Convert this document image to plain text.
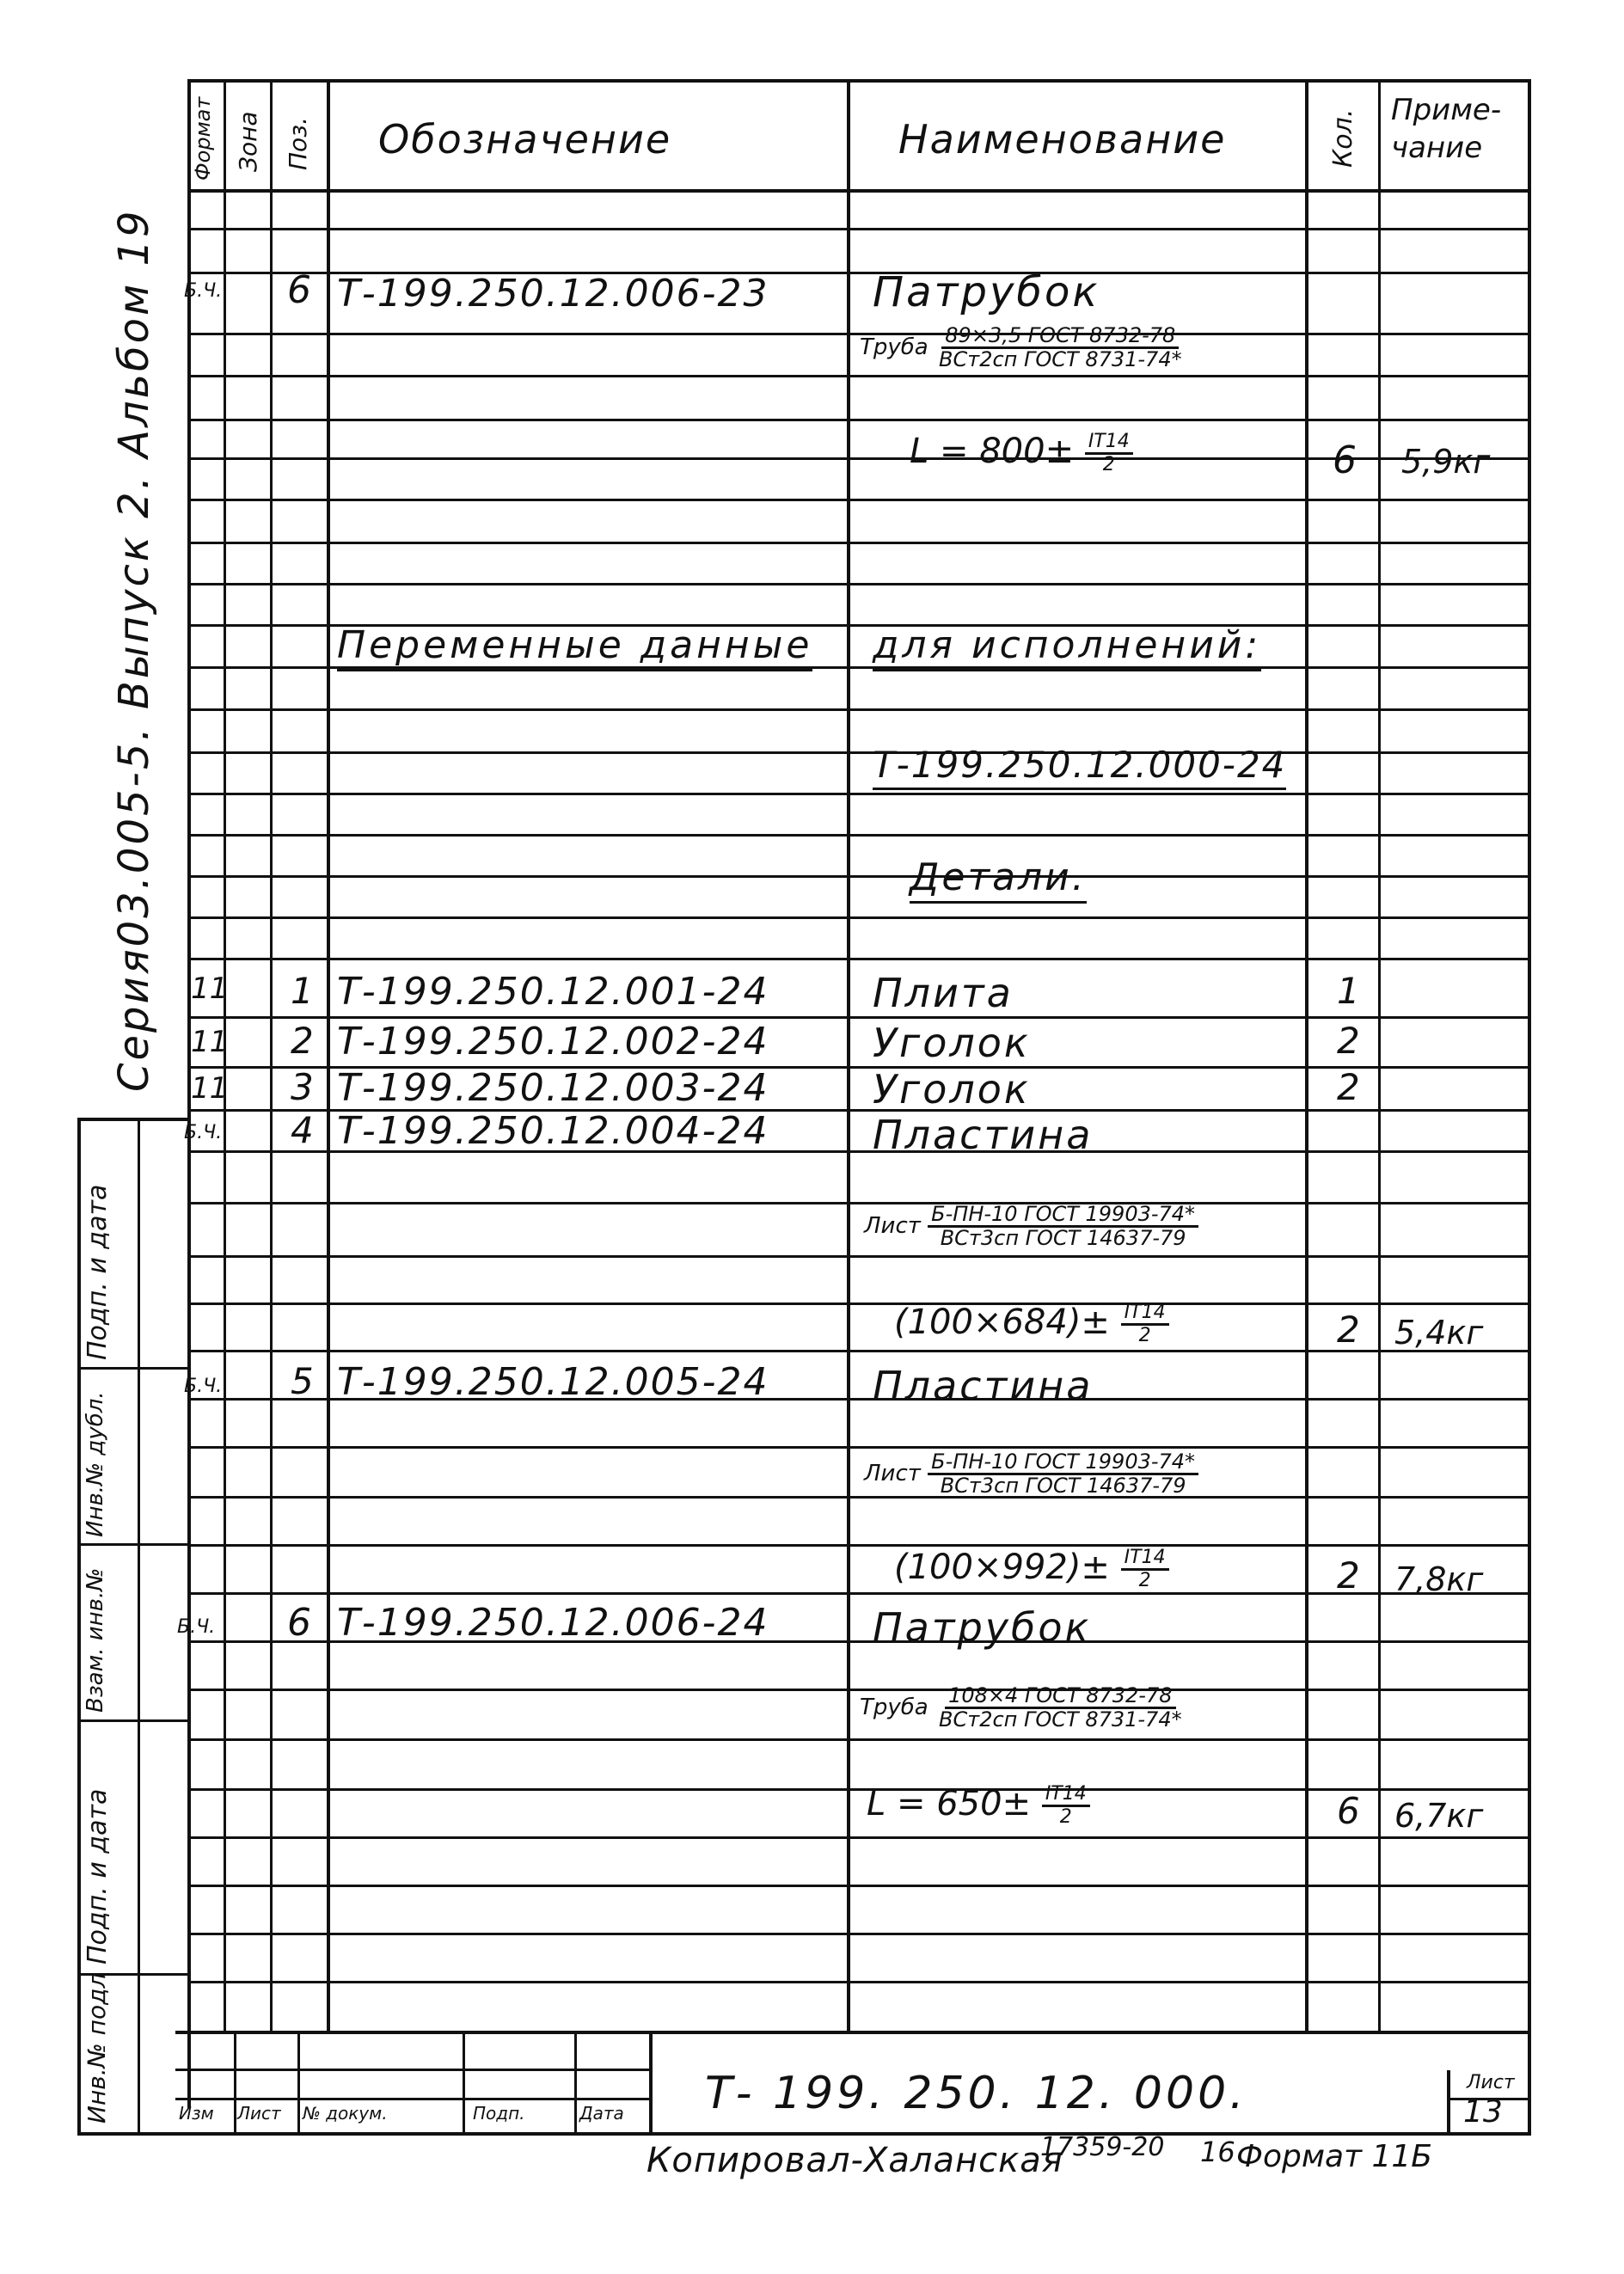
Формат Зона Поз. Обозначение	Наименование	Кол. Приме-
чание
Б.Ч. 6 Т-199.250.12.006-23	Патрубок
Труба $\frac{\text{89×3,5 ГОСТ 8732-78}}{\text{ВСт2сп ГОСТ 8731-74*}}$
$L = 800\pm \frac{IT14}{2}$	6 5,9кг
Переменные данные для исполнений:
Т-199.250.12.000-24
Детали.
11 1 Т-199.250.12.001-24	Плита	1
11 2 Т-199.250.12.002-24	Уголок	2
11 3 Т-199.250.12.003-24	Уголок	2
Б.Ч. 4 Т-199.250.12.004-24	Пластина
Лист $\frac{\text{Б-ПН-10 ГОСТ 19903-74*}}{\text{ВСт3сп ГОСТ 14637-79}}$
$(100\times 684)\pm \frac{IT14}{2}$	2 5,4кг
Б.Ч. 5 Т-199.250.12.005-24	Пластина
Лист $\frac{\text{Б-ПН-10 ГОСТ 19903-74*}}{\text{ВСт3сп ГОСТ 14637-79}}$
$(100\times 992)\pm \frac{IT14}{2}$	2 7,8кг
Б.Ч. 6 Т-199.250.12.006-24	Патрубок
Труба $\frac{\text{108×4 ГОСТ 8732-78}}{\text{ВСт2сп ГОСТ 8731-74*}}$
$L = 650\pm \frac{IT14}{2}$	6 6,7кг
Серия03.005-5. Выпуск 2. Альбом 19
Инв.№ подл
Подп. и дата
Взам. инв.№
Инв.№ дубл.
Подп. и дата
Изм Лист № докум.	Подп.	Дата Т- 199. 250. 12. 000.	Лист
13
Копировал-Халанская
17359-20 16 Формат 11Б
